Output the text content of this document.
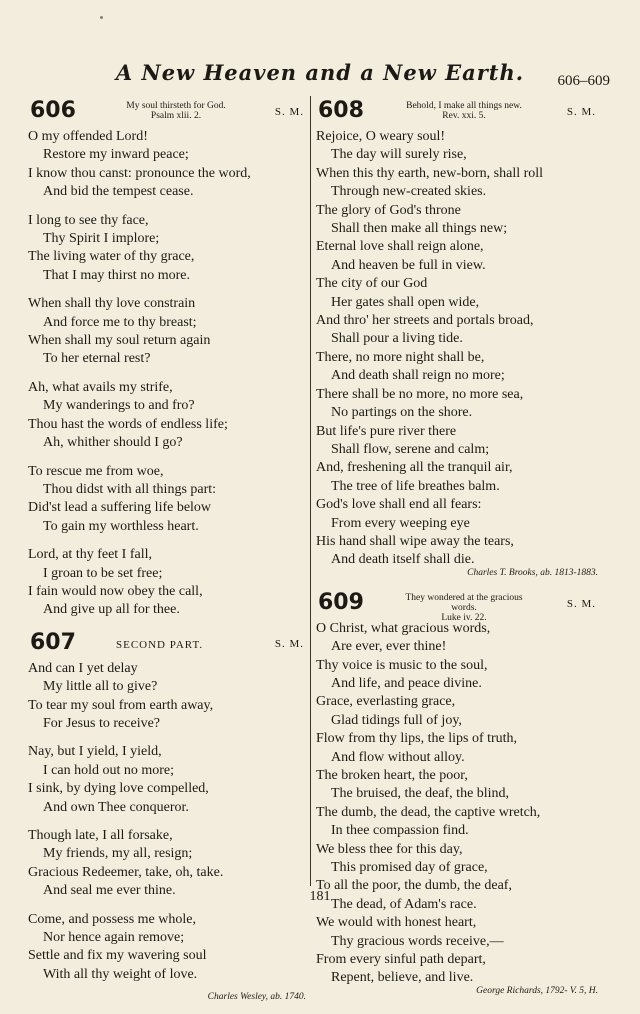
A New Heaven and a New Earth.	606–609
606	My soul thirsteth for God.
Psalm xlii. 2.	S. M.
O my offended Lord!
Restore my inward peace;
I know thou canst: pronounce the word,
And bid the tempest cease.
I long to see thy face,
Thy Spirit I implore;
The living water of thy grace,
That I may thirst no more.
When shall thy love constrain
And force me to thy breast;
When shall my soul return again
To her eternal rest?
Ah, what avails my strife,
My wanderings to and fro?
Thou hast the words of endless life;
Ah, whither should I go?
To rescue me from woe,
Thou didst with all things part:
Did'st lead a suffering life below
To gain my worthless heart.
Lord, at thy feet I fall,
I groan to be set free;
I fain would now obey the call,
And give up all for thee.
607	SECOND PART.	S. M.
And can I yet delay
My little all to give?
To tear my soul from earth away,
For Jesus to receive?
Nay, but I yield, I yield,
I can hold out no more;
I sink, by dying love compelled,
And own Thee conqueror.
Though late, I all forsake,
My friends, my all, resign;
Gracious Redeemer, take, oh, take.
And seal me ever thine.
Come, and possess me whole,
Nor hence again remove;
Settle and fix my wavering soul
With all thy weight of love.
Charles Wesley, ab. 1740.
608	Behold, I make all things new.
Rev. xxi. 5.	S. M.
Rejoice, O weary soul!
The day will surely rise,
When this thy earth, new-born, shall roll
Through new-created skies.
The glory of God's throne
Shall then make all things new;
Eternal love shall reign alone,
And heaven be full in view.
The city of our God
Her gates shall open wide,
And thro' her streets and portals broad,
Shall pour a living tide.
There, no more night shall be,
And death shall reign no more;
There shall be no more, no more sea,
No partings on the shore.
But life's pure river there
Shall flow, serene and calm;
And, freshening all the tranquil air,
The tree of life breathes balm.
God's love shall end all fears:
From every weeping eye
His hand shall wipe away the tears,
And death itself shall die.
Charles T. Brooks, ab. 1813-1883.
609	They wondered at the gracious words.
Luke iv. 22.
S. M.
O Christ, what gracious words,
Are ever, ever thine!
Thy voice is music to the soul,
And life, and peace divine.
Grace, everlasting grace,
Glad tidings full of joy,
Flow from thy lips, the lips of truth,
And flow without alloy.
The broken heart, the poor,
The bruised, the deaf, the blind,
The dumb, the dead, the captive wretch,
In thee compassion find.
We bless thee for this day,
This promised day of grace,
To all the poor, the dumb, the deaf,
The dead, of Adam's race.
We would with honest heart,
Thy gracious words receive,—
From every sinful path depart,
Repent, believe, and live.
George Richards, 1792- V. 5, H.
181
